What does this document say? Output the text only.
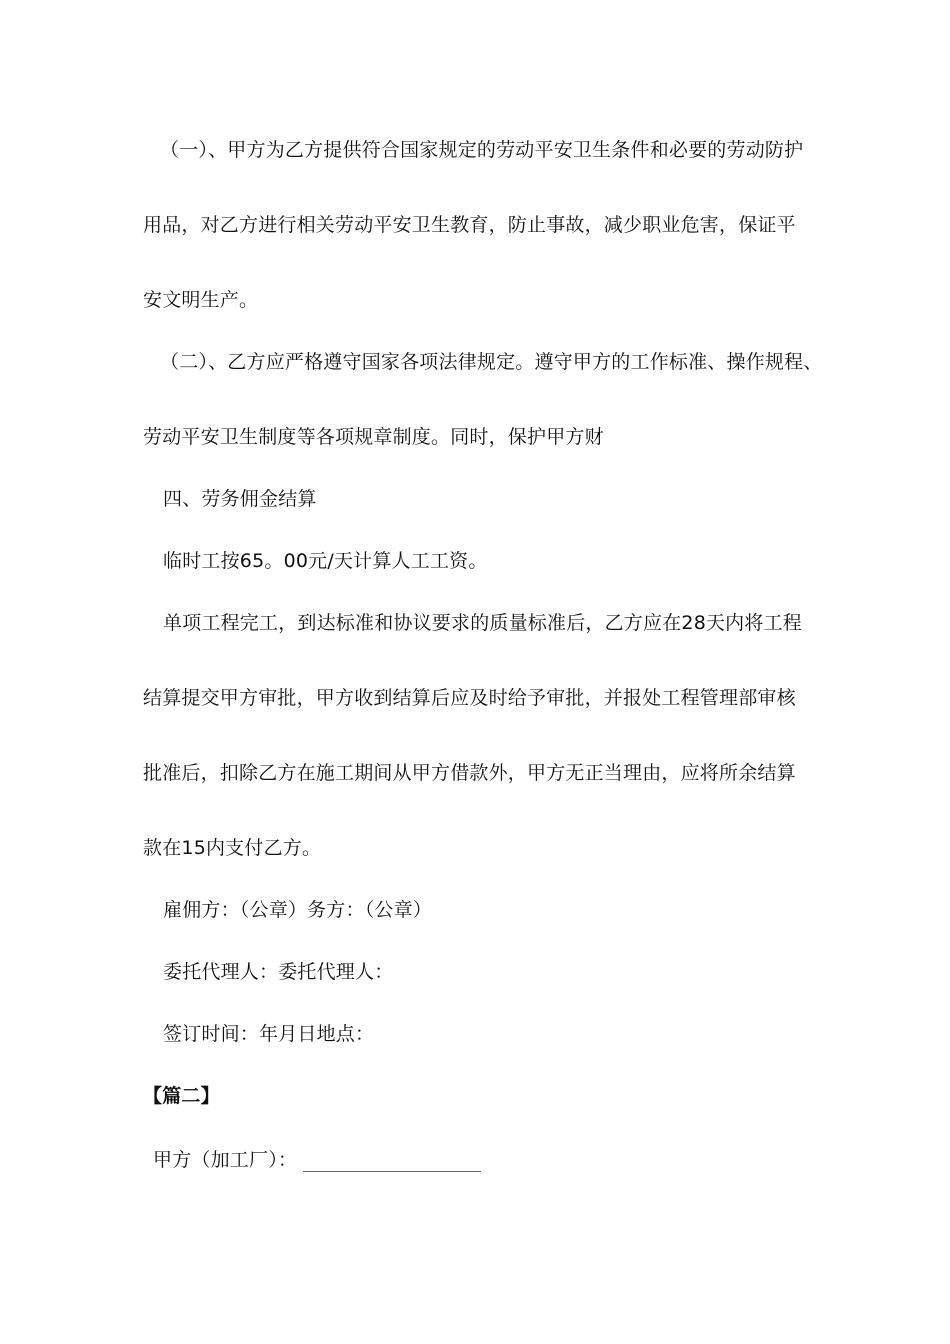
（一）、甲方为乙方提供符合国家规定的劳动平安卫生条件和必要的劳动防护
用品，对乙方进行相关劳动平安卫生教育，防止事故，减少职业危害，保证平
安文明生产。
（二）、乙方应严格遵守国家各项法律规定。遵守甲方的工作标准、操作规程、
劳动平安卫生制度等各项规章制度。同时，保护甲方财
四、劳务佣金结算
临时工按65。00元/天计算人工工资。
单项工程完工，到达标准和协议要求的质量标准后，乙方应在28天内将工程
结算提交甲方审批，甲方收到结算后应及时给予审批，并报处工程管理部审核
批准后，扣除乙方在施工期间从甲方借款外，甲方无正当理由，应将所余结算
款在15内支付乙方。
雇佣方：（公章）务方：（公章）
委托代理人：委托代理人：
签订时间：年月日地点：
【篇二】
甲方（加工厂）：
